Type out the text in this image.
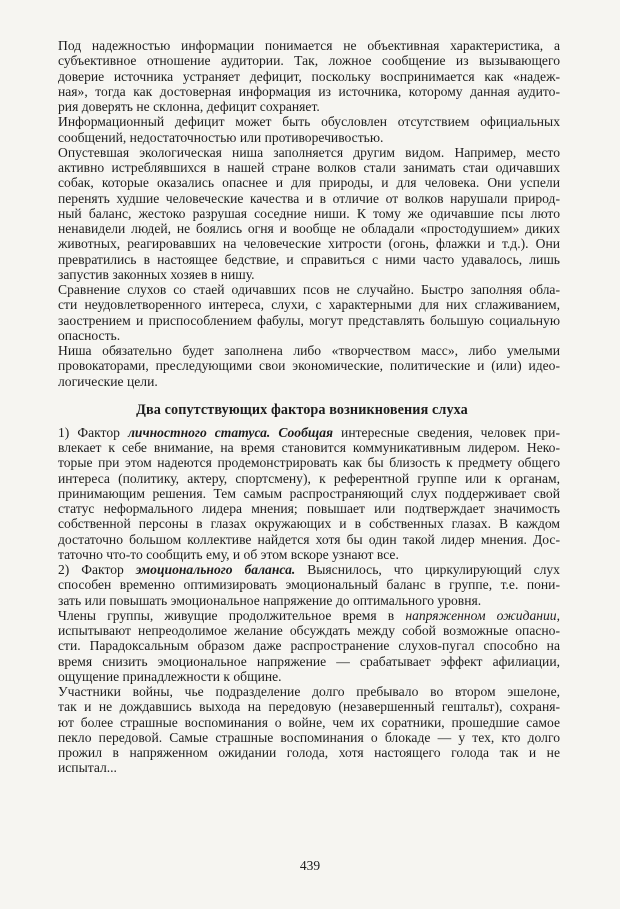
Под надежностью информации понимается не объективная характеристика, а
субъективное отношение аудитории. Так, ложное сообщение из вызывающего
доверие источника устраняет дефицит, поскольку воспринимается как «надеж-
ная», тогда как достоверная информация из источника, которому данная аудито-
рия доверять не склонна, дефицит сохраняет.
Информационный дефицит может быть обусловлен отсутствием официальных
сообщений, недостаточностью или противоречивостью.
Опустевшая экологическая ниша заполняется другим видом. Например, место
активно истреблявшихся в нашей стране волков стали занимать стаи одичавших
собак, которые оказались опаснее и для природы, и для человека. Они успели
перенять худшие человеческие качества и в отличие от волков нарушали природ-
ный баланс, жестоко разрушая соседние ниши. К тому же одичавшие псы люто
ненавидели людей, не боялись огня и вообще не обладали «простодушием» диких
животных, реагировавших на человеческие хитрости (огонь, флажки и т.д.). Они
превратились в настоящее бедствие, и справиться с ними часто удавалось, лишь
запустив законных хозяев в нишу.
Сравнение слухов со стаей одичавших псов не случайно. Быстро заполняя обла-
сти неудовлетворенного интереса, слухи, с характерными для них сглаживанием,
заострением и приспособлением фабулы, могут представлять большую социальную
опасность.
Ниша обязательно будет заполнена либо «творчеством масс», либо умелыми
провокаторами, преследующими свои экономические, политические и (или) идео-
логические цели.
Два сопутствующих фактора возникновения слуха
1) Фактор личностного статуса. Сообщая интересные сведения, человек при-
влекает к себе внимание, на время становится коммуникативным лидером. Неко-
торые при этом надеются продемонстрировать как бы близость к предмету общего
интереса (политику, актеру, спортсмену), к референтной группе или к органам,
принимающим решения. Тем самым распространяющий слух поддерживает свой
статус неформального лидера мнения; повышает или подтверждает значимость
собственной персоны в глазах окружающих и в собственных глазах. В каждом
достаточно большом коллективе найдется хотя бы один такой лидер мнения. Дос-
таточно что-то сообщить ему, и об этом вскоре узнают все.
2) Фактор эмоционального баланса. Выяснилось, что циркулирующий слух
способен временно оптимизировать эмоциональный баланс в группе, т.е. пони-
зать или повышать эмоциональное напряжение до оптимального уровня.
Члены группы, живущие продолжительное время в напряженном ожидании,
испытывают непреодолимое желание обсуждать между собой возможные опасно-
сти. Парадоксальным образом даже распространение слухов-пугал способно на
время снизить эмоциональное напряжение — срабатывает эффект афилиации,
ощущение принадлежности к общине.
Участники войны, чье подразделение долго пребывало во втором эшелоне,
так и не дождавшись выхода на передовую (незавершенный гештальт), сохраня-
ют более страшные воспоминания о войне, чем их соратники, прошедшие самое
пекло передовой. Самые страшные воспоминания о блокаде — у тех, кто долго
прожил в напряженном ожидании голода, хотя настоящего голода так и не
испытал...
439
